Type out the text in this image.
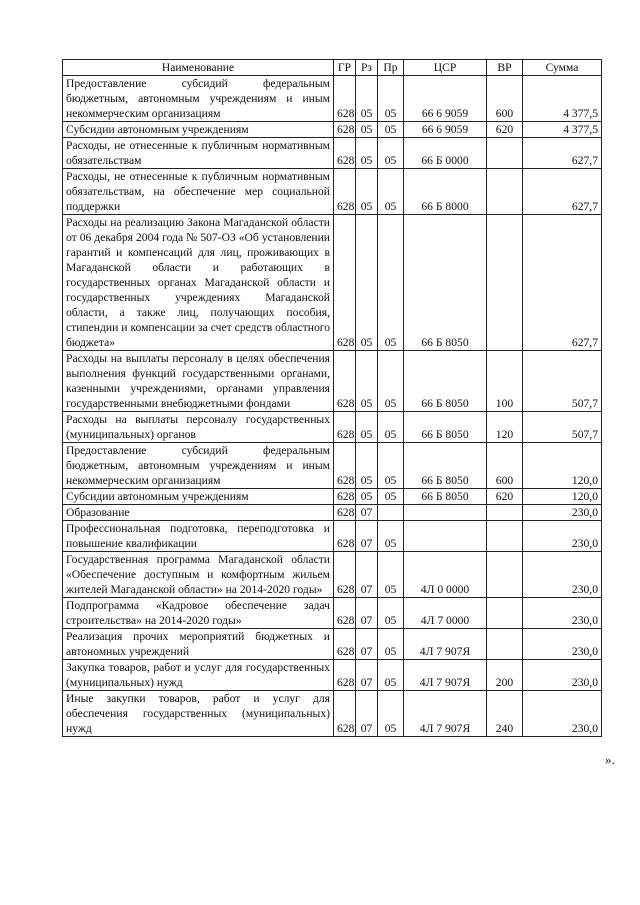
Наименование	ГР	Рз	Пр	ЦСР	ВР	Сумма
Предоставление субсидий федеральным бюджетным, автономным учреждениям и иным некоммерческим организациям	628	05	05	66 6 9059	600	4 377,5
Субсидии автономным учреждениям	628	05	05	66 6 9059	620	4 377,5
Расходы, не отнесенные к публичным нормативным обязательствам	628	05	05	66 Б 0000		627,7
Расходы, не отнесенные к публичным нормативным обязательствам, на обеспечение мер социальной поддержки	628	05	05	66 Б 8000		627,7
Расходы на реализацию Закона Магаданской области от 06 декабря 2004 года № 507-ОЗ «Об установлении гарантий и компенсаций для лиц, проживающих в Магаданской области и работающих в государственных органах Магаданской области и государственных учреждениях Магаданской области, а также лиц, получающих пособия, стипендии и компенсации за счет средств областного бюджета»	628	05	05	66 Б 8050		627,7
Расходы на выплаты персоналу в целях обеспечения выполнения функций государственными органами, казенными учреждениями, органами управления государственными внебюджетными фондами	628	05	05	66 Б 8050	100	507,7
Расходы на выплаты персоналу государственных (муниципальных) органов	628	05	05	66 Б 8050	120	507,7
Предоставление субсидий федеральным бюджетным, автономным учреждениям и иным некоммерческим организациям	628	05	05	66 Б 8050	600	120,0
Субсидии автономным учреждениям	628	05	05	66 Б 8050	620	120,0
Образование	628	07				230,0
Профессиональная подготовка, переподготовка и повышение квалификации	628	07	05			230,0
Государственная программа Магаданской области «Обеспечение доступным и комфортным жильем жителей Магаданской области» на 2014-2020 годы»	628	07	05	4Л 0 0000		230,0
Подпрограмма «Кадровое обеспечение задач строительства» на 2014-2020 годы»	628	07	05	4Л 7 0000		230,0
Реализация прочих мероприятий бюджетных и автономных учреждений	628	07	05	4Л 7 907Я		230,0
Закупка товаров, работ и услуг для государственных (муниципальных) нужд	628	07	05	4Л 7 907Я	200	230,0
Иные закупки товаров, работ и услуг для обеспечения государственных (муниципальных) нужд	628	07	05	4Л 7 907Я	240	230,0
».
